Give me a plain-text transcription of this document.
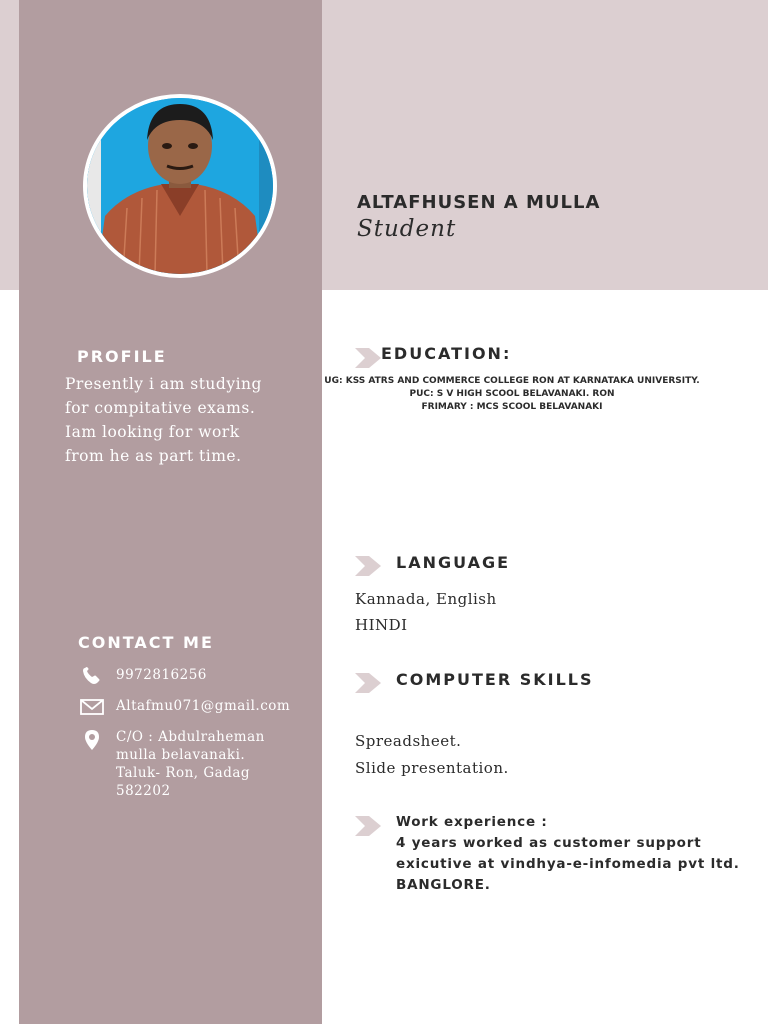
ALTAFHUSEN A MULLA
Student
PROFILE
Presently i am studying
for compitative exams.
Iam looking for work
from he as part time.
CONTACT ME
9972816256
Altafmu071@gmail.com
C/O : Abdulraheman
mulla belavanaki.
Taluk- Ron, Gadag
582202
EDUCATION:
UG: KSS ATRS AND COMMERCE COLLEGE RON AT KARNATAKA UNIVERSITY.
PUC: S V HIGH SCOOL BELAVANAKI. RON
FRIMARY : MCS SCOOL BELAVANAKI
LANGUAGE
Kannada, English
HINDI
COMPUTER SKILLS
Spreadsheet.
Slide presentation.
Work experience :
4 years worked as customer support
exicutive at vindhya-e-infomedia pvt ltd.
BANGLORE.
